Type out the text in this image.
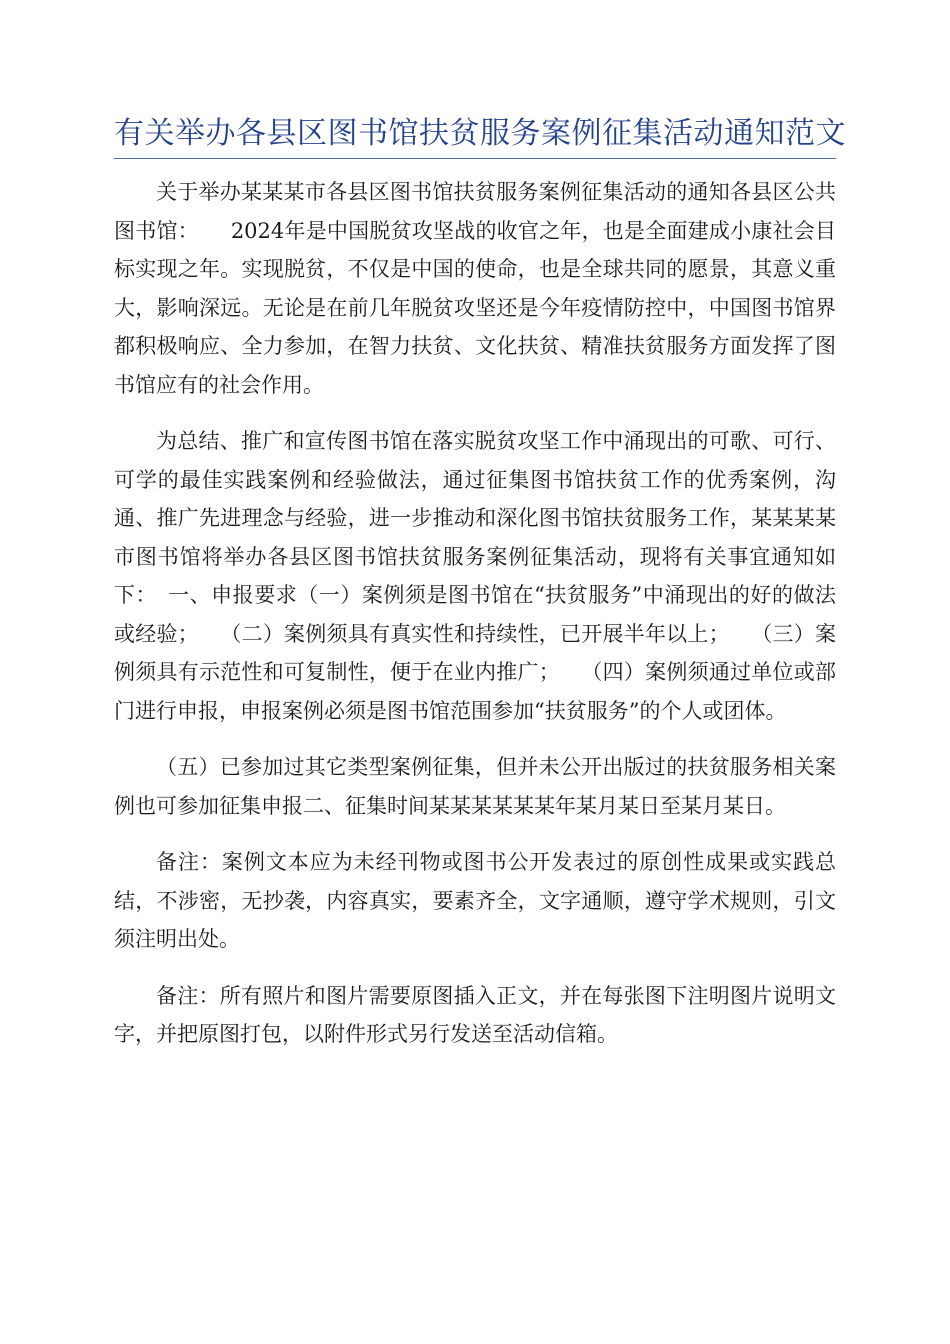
有关举办各县区图书馆扶贫服务案例征集活动通知范文

关于举办某某某市各县区图书馆扶贫服务案例征集活动的通知各县区公共图书馆：　　2024年是中国脱贫攻坚战的收官之年，也是全面建成小康社会目标实现之年。实现脱贫，不仅是中国的使命，也是全球共同的愿景，其意义重大，影响深远。无论是在前几年脱贫攻坚还是今年疫情防控中，中国图书馆界都积极响应、全力参加，在智力扶贫、文化扶贫、精准扶贫服务方面发挥了图书馆应有的社会作用。

为总结、推广和宣传图书馆在落实脱贫攻坚工作中涌现出的可歌、可行、可学的最佳实践案例和经验做法，通过征集图书馆扶贫工作的优秀案例，沟通、推广先进理念与经验，进一步推动和深化图书馆扶贫服务工作，某某某某市图书馆将举办各县区图书馆扶贫服务案例征集活动，现将有关事宜通知如下：　一、申报要求（一）案例须是图书馆在“扶贫服务”中涌现出的好的做法或经验；　　（二）案例须具有真实性和持续性，已开展半年以上；　　（三）案例须具有示范性和可复制性，便于在业内推广；　　（四）案例须通过单位或部门进行申报，申报案例必须是图书馆范围参加“扶贫服务”的个人或团体。

（五）已参加过其它类型案例征集，但并未公开出版过的扶贫服务相关案例也可参加征集申报二、征集时间某某某某某某年某月某日至某月某日。

备注：案例文本应为未经刊物或图书公开发表过的原创性成果或实践总结，不涉密，无抄袭，内容真实，要素齐全，文字通顺，遵守学术规则，引文须注明出处。

备注：所有照片和图片需要原图插入正文，并在每张图下注明图片说明文字，并把原图打包，以附件形式另行发送至活动信箱。
